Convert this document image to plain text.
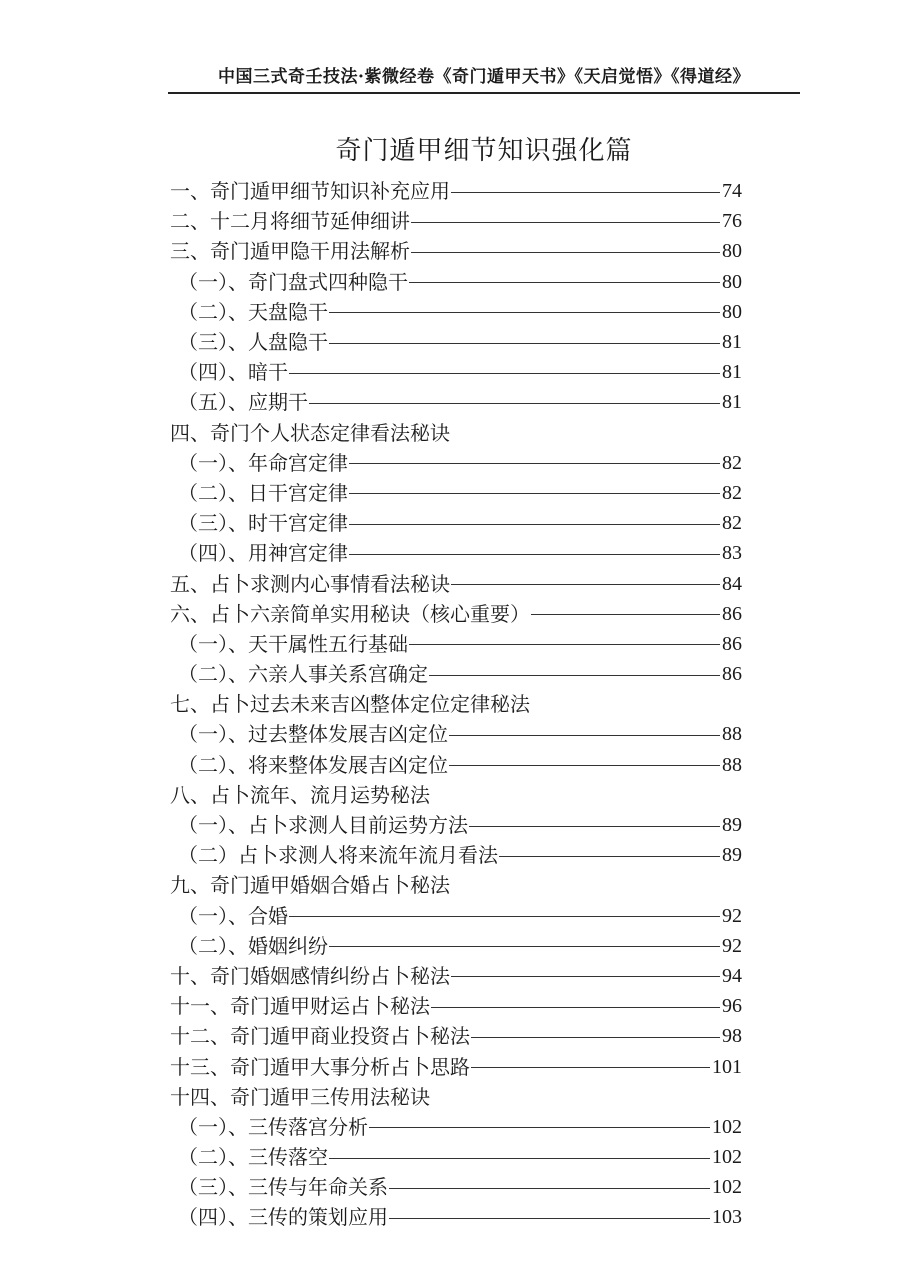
中国三式奇壬技法·紫微经卷《奇门遁甲天书》《天启觉悟》《得道经》
奇门遁甲细节知识强化篇
一、奇门遁甲细节知识补充应用	74
二、十二月将细节延伸细讲	76
三、奇门遁甲隐干用法解析	80
（一）、奇门盘式四种隐干	80
（二）、天盘隐干	80
（三）、人盘隐干	81
（四）、暗干	81
（五）、应期干	81
四、奇门个人状态定律看法秘诀
（一）、年命宫定律	82
（二）、日干宫定律	82
（三）、时干宫定律	82
（四）、用神宫定律	83
五、占卜求测内心事情看法秘诀	84
六、占卜六亲简单实用秘诀（核心重要）	86
（一）、天干属性五行基础	86
（二）、六亲人事关系宫确定	86
七、占卜过去未来吉凶整体定位定律秘法
（一）、过去整体发展吉凶定位	88
（二）、将来整体发展吉凶定位	88
八、占卜流年、流月运势秘法
（一）、占卜求测人目前运势方法	89
（二）占卜求测人将来流年流月看法	89
九、奇门遁甲婚姻合婚占卜秘法
（一）、合婚	92
（二）、婚姻纠纷	92
十、奇门婚姻感情纠纷占卜秘法	94
十一、奇门遁甲财运占卜秘法	96
十二、奇门遁甲商业投资占卜秘法	98
十三、奇门遁甲大事分析占卜思路	101
十四、奇门遁甲三传用法秘诀
（一）、三传落宫分析	102
（二）、三传落空	102
（三）、三传与年命关系	102
（四）、三传的策划应用	103
